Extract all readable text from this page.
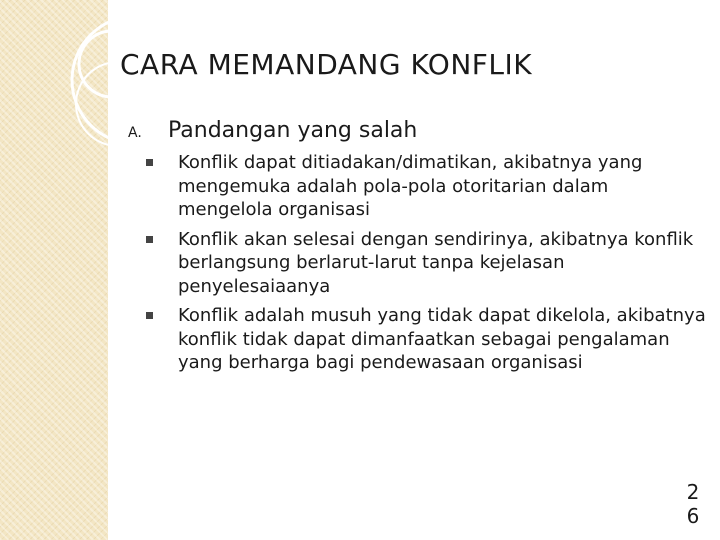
CARA MEMANDANG KONFLIK
A.	Pandangan yang salah
Konflik dapat ditiadakan/dimatikan, akibatnya yang mengemuka adalah pola-pola otoritarian dalam mengelola organisasi
Konflik akan selesai dengan sendirinya, akibatnya konflik berlangsung berlarut-larut tanpa kejelasan penyelesaiaanya
Konflik adalah musuh yang tidak dapat dikelola, akibatnya konflik tidak dapat dimanfaatkan sebagai pengalaman yang berharga bagi pendewasaan organisasi
26
